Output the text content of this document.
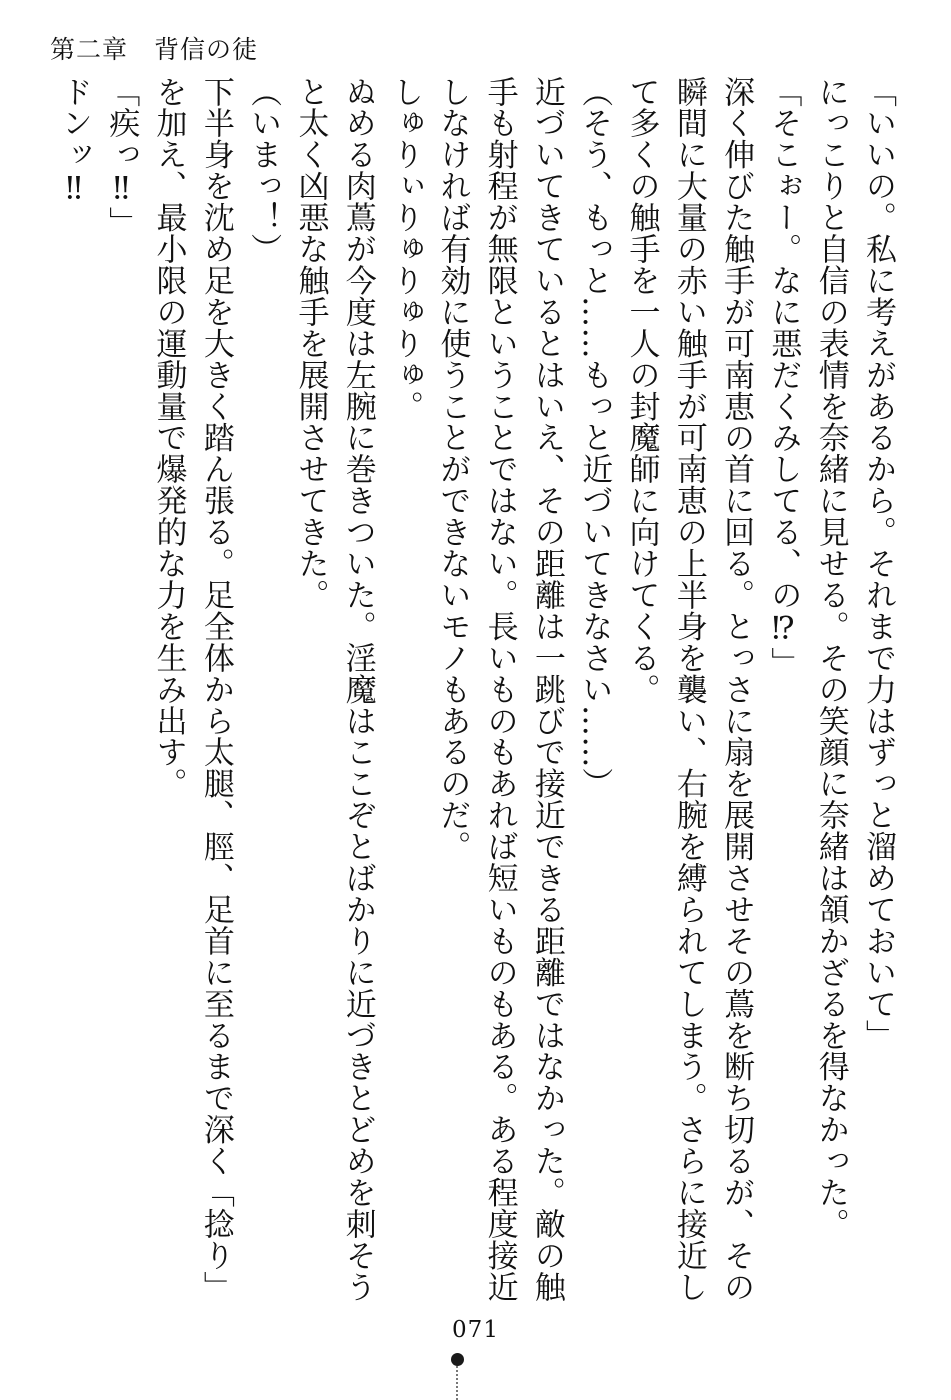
第二章　 背信の徒

「いいの。私に考えがあるから。それまで力はずっと溜めておいて」

にっこりと自信の表情を奈緒に見せる。その笑顔に奈緒は頷かざるを得なかった。

「そこぉー。なに悪だくみしてる、の⁉」

深く伸びた触手が可南恵の首に回る。とっさに扇を展開させその蔦を断ち切るが、その瞬間に大量の赤い触手が可南恵の上半身を襲い、右腕を縛られてしまう。さらに接近して多くの触手を一人の封魔師に向けてくる。

（そう、もっと……もっと近づいてきなさい……）

近づいてきているとはいえ、その距離は一跳びで接近できる距離ではなかった。敵の触手も射程が無限ということではない。長いものもあれば短いものもある。ある程度接近しなければ有効に使うことができないモノもあるのだ。

しゅりぃりゅりゅりゅ。

ぬめる肉蔦が今度は左腕に巻きついた。淫魔はここぞとばかりに近づきとどめを刺そうと太く凶悪な触手を展開させてきた。

（いまっ！）

下半身を沈め足を大きく踏ん張る。足全体から太腿、脛、足首に至るまで深く「捻り」を加え、最小限の運動量で爆発的な力を生み出す。

「疾っ‼」

ドンッ‼

071
